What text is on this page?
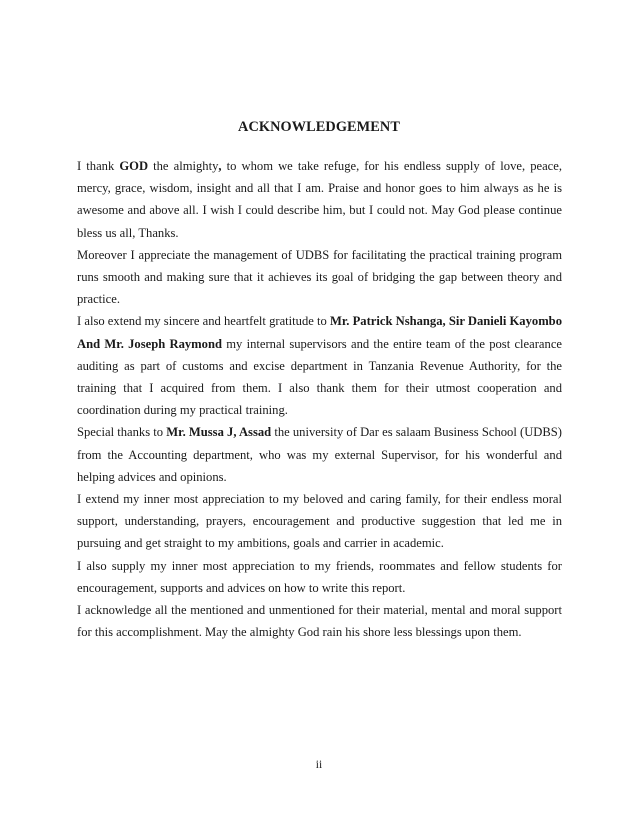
ACKNOWLEDGEMENT

I thank GOD the almighty, to whom we take refuge, for his endless supply of love, peace, mercy, grace, wisdom, insight and all that I am. Praise and honor goes to him always as he is awesome and above all. I wish I could describe him, but I could not. May God please continue bless us all, Thanks.

Moreover I appreciate the management of UDBS for facilitating the practical training program runs smooth and making sure that it achieves its goal of bridging the gap between theory and practice.

I also extend my sincere and heartfelt gratitude to Mr. Patrick Nshanga, Sir Danieli Kayombo And Mr. Joseph Raymond my internal supervisors and the entire team of the post clearance auditing as part of customs and excise department in Tanzania Revenue Authority, for the training that I acquired from them. I also thank them for their utmost cooperation and coordination during my practical training.

Special thanks to Mr. Mussa J, Assad the university of Dar es salaam Business School (UDBS) from the Accounting department, who was my external Supervisor, for his wonderful and helping advices and opinions.

I extend my inner most appreciation to my beloved and caring family, for their endless moral support, understanding, prayers, encouragement and productive suggestion that led me in pursuing and get straight to my ambitions, goals and carrier in academic.

I also supply my inner most appreciation to my friends, roommates and fellow students for encouragement, supports and advices on how to write this report.

I acknowledge all the mentioned and unmentioned for their material, mental and moral support for this accomplishment. May the almighty God rain his shore less blessings upon them.

ii
